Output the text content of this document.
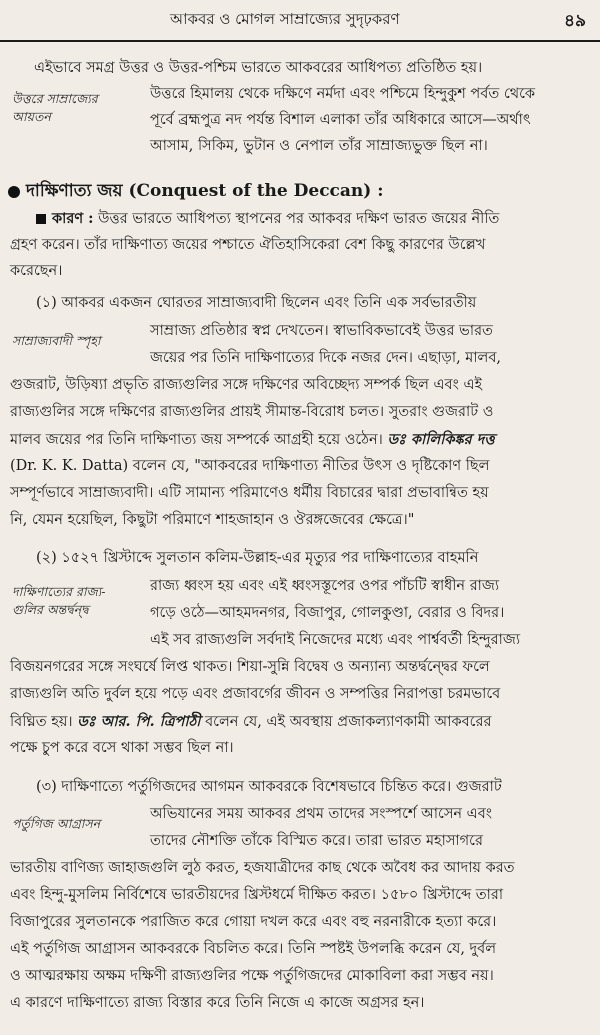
আকবর ও মোগল সাম্রাজ্যের সুদৃঢ়করণ	৪৯
এইভাবে সমগ্র উত্তর ও উত্তর-পশ্চিম ভারতে আকবরের আধিপত্য প্রতিষ্ঠিত হয়।
উত্তরে হিমালয় থেকে দক্ষিণে নর্মদা এবং পশ্চিমে হিন্দুকুশ পর্বত থেকে
পূর্বে ব্রহ্মপুত্র নদ পর্যন্ত বিশাল এলাকা তাঁর অধিকারে আসে—অর্থাৎ
আসাম, সিকিম, ভুটান ও নেপাল তাঁর সাম্রাজ্যভুক্ত ছিল না।
উত্তরে সাম্রাজ্যের
আয়তন
দাক্ষিণাত্য জয় (Conquest of the Deccan) :
কারণ : উত্তর ভারতে আধিপত্য স্থাপনের পর আকবর দক্ষিণ ভারত জয়ের নীতি
গ্রহণ করেন। তাঁর দাক্ষিণাত্য জয়ের পশ্চাতে ঐতিহাসিকেরা বেশ কিছু কারণের উল্লেখ
করেছেন।
(১) আকবর একজন ঘোরতর সাম্রাজ্যবাদী ছিলেন এবং তিনি এক সর্বভারতীয়
সাম্রাজ্য প্রতিষ্ঠার স্বপ্ন দেখতেন। স্বাভাবিকভাবেই উত্তর ভারত
জয়ের পর তিনি দাক্ষিণাত্যের দিকে নজর দেন। এছাড়া, মালব,
গুজরাট, উড়িষ্যা প্রভৃতি রাজ্যগুলির সঙ্গে দক্ষিণের অবিচ্ছেদ্য সম্পর্ক ছিল এবং এই
রাজ্যগুলির সঙ্গে দক্ষিণের রাজ্যগুলির প্রায়ই সীমান্ত-বিরোধ চলত। সুতরাং গুজরাট ও
মালব জয়ের পর তিনি দাক্ষিণাত্য জয় সম্পর্কে আগ্রহী হয়ে ওঠেন। ডঃ কালিকিঙ্কর দত্ত
(Dr. K. K. Datta) বলেন যে, "আকবরের দাক্ষিণাত্য নীতির উৎস ও দৃষ্টিকোণ ছিল
সম্পূর্ণভাবে সাম্রাজ্যবাদী। এটি সামান্য পরিমাণেও ধর্মীয় বিচারের দ্বারা প্রভাবান্বিত হয়
নি, যেমন হয়েছিল, কিছুটা পরিমাণে শাহজাহান ও ঔরঙ্গজেবের ক্ষেত্রে।"
সাম্রাজ্যবাদী স্পৃহা
(২) ১৫২৭ খ্রিস্টাব্দে সুলতান কলিম-উল্লাহ-এর মৃত্যুর পর দাক্ষিণাত্যের বাহমনি
রাজ্য ধ্বংস হয় এবং এই ধ্বংসস্তূপের ওপর পাঁচটি স্বাধীন রাজ্য
গড়ে ওঠে—আহমদনগর, বিজাপুর, গোলকুণ্ডা, বেরার ও বিদর।
এই সব রাজ্যগুলি সর্বদাই নিজেদের মধ্যে এবং পার্শ্ববর্তী হিন্দুরাজ্য
বিজয়নগরের সঙ্গে সংঘর্ষে লিপ্ত থাকত। শিয়া-সুন্নি বিদ্বেষ ও অন্যান্য অন্তর্দ্বন্দ্বের ফলে
রাজ্যগুলি অতি দুর্বল হয়ে পড়ে এবং প্রজাবর্গের জীবন ও সম্পত্তির নিরাপত্তা চরমভাবে
বিঘ্নিত হয়। ডঃ আর. পি. ত্রিপাঠী বলেন যে, এই অবস্থায় প্রজাকল্যাণকামী আকবরের
পক্ষে চুপ করে বসে থাকা সম্ভব ছিল না।
দাক্ষিণাত্যের রাজ্য-
গুলির অন্তর্দ্বন্দ্ব
(৩) দাক্ষিণাত্যে পর্তুগিজদের আগমন আকবরকে বিশেষভাবে চিন্তিত করে। গুজরাট
অভিযানের সময় আকবর প্রথম তাদের সংস্পর্শে আসেন এবং
তাদের নৌশক্তি তাঁকে বিস্মিত করে। তারা ভারত মহাসাগরে
ভারতীয় বাণিজ্য জাহাজগুলি লুঠ করত, হজযাত্রীদের কাছ থেকে অবৈধ কর আদায় করত
এবং হিন্দু-মুসলিম নির্বিশেষে ভারতীয়দের খ্রিস্টধর্মে দীক্ষিত করত। ১৫৮০ খ্রিস্টাব্দে তারা
বিজাপুরের সুলতানকে পরাজিত করে গোয়া দখল করে এবং বহু নরনারীকে হত্যা করে।
এই পর্তুগিজ আগ্রাসন আকবরকে বিচলিত করে। তিনি স্পষ্টই উপলব্ধি করেন যে, দুর্বল
ও আত্মরক্ষায় অক্ষম দক্ষিণী রাজ্যগুলির পক্ষে পর্তুগিজদের মোকাবিলা করা সম্ভব নয়।
এ কারণে দাক্ষিণাত্যে রাজ্য বিস্তার করে তিনি নিজে এ কাজে অগ্রসর হন।
পর্তুগিজ আগ্রাসন
